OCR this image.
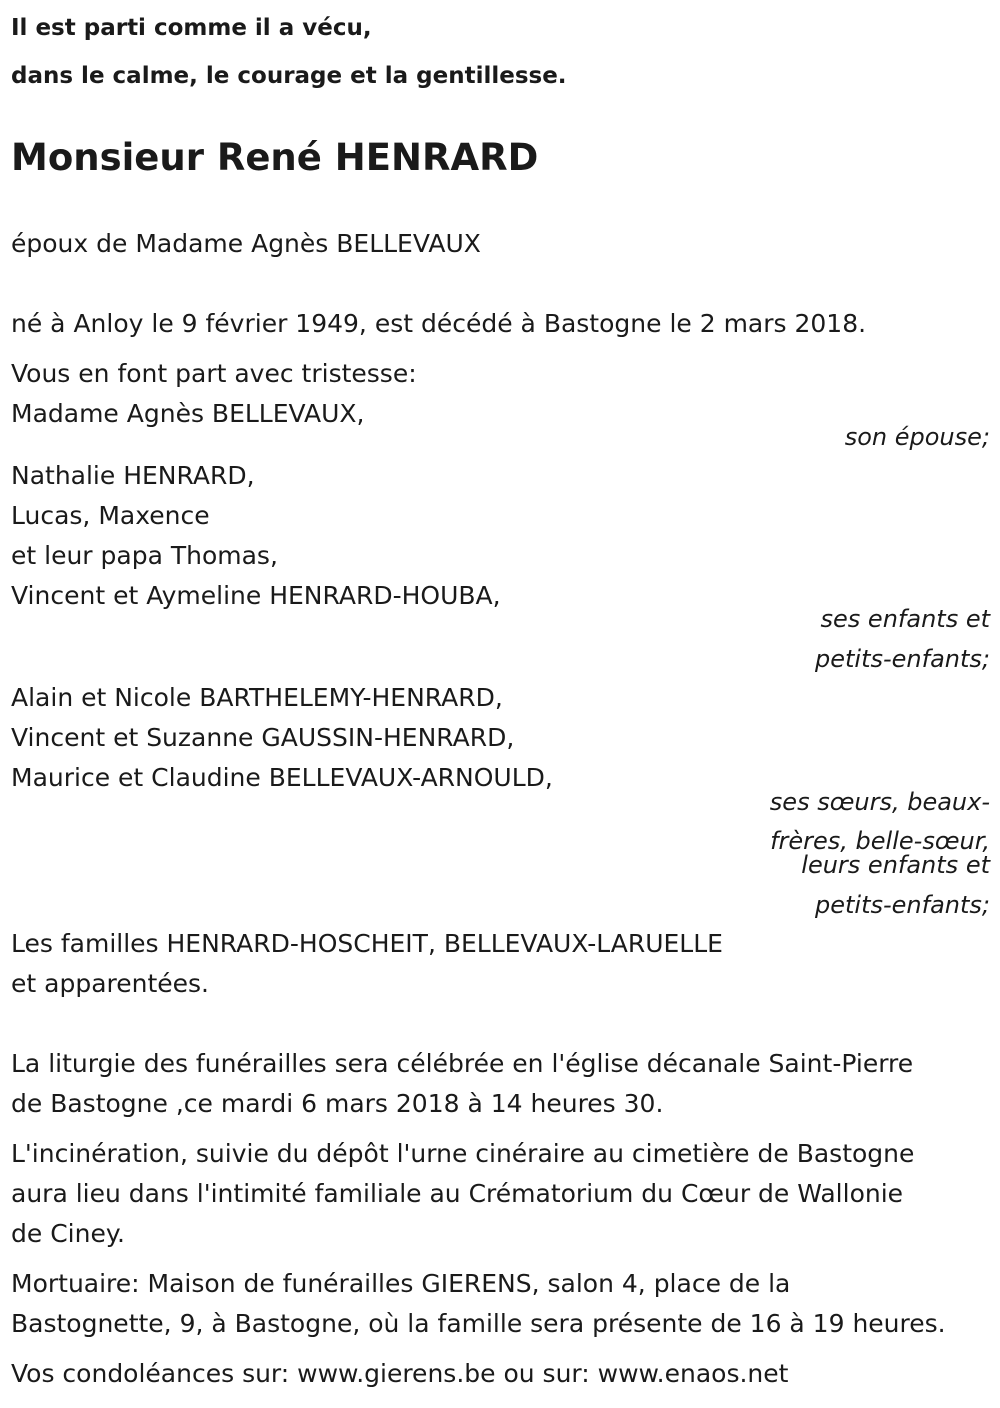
Il est parti comme il a vécu,

dans le calme, le courage et la gentillesse.

Monsieur René HENRARD

époux de Madame Agnès BELLEVAUX

né à Anloy le 9 février 1949, est décédé à Bastogne le 2 mars 2018.

Vous en font part avec tristesse:

Madame Agnès BELLEVAUX,

son épouse;

Nathalie HENRARD,

Lucas, Maxence

et leur papa Thomas,

Vincent et Aymeline HENRARD-HOUBA,

ses enfants et

petits-enfants;

Alain et Nicole BARTHELEMY-HENRARD,

Vincent et Suzanne GAUSSIN-HENRARD,

Maurice et Claudine BELLEVAUX-ARNOULD,

ses sœurs, beaux-

frères, belle-sœur,

leurs enfants et

petits-enfants;

Les familles HENRARD-HOSCHEIT, BELLEVAUX-LARUELLE

et apparentées.

La liturgie des funérailles sera célébrée en l'église décanale Saint-Pierre

de Bastogne ,ce mardi 6 mars 2018 à 14 heures 30.

L'incinération, suivie du dépôt l'urne cinéraire au cimetière de Bastogne

aura lieu dans l'intimité familiale au Crématorium du Cœur de Wallonie

de Ciney.

Mortuaire: Maison de funérailles GIERENS, salon 4, place de la

Bastognette, 9, à Bastogne, où la famille sera présente de 16 à 19 heures.

Vos condoléances sur: www.gierens.be ou sur: www.enaos.net
